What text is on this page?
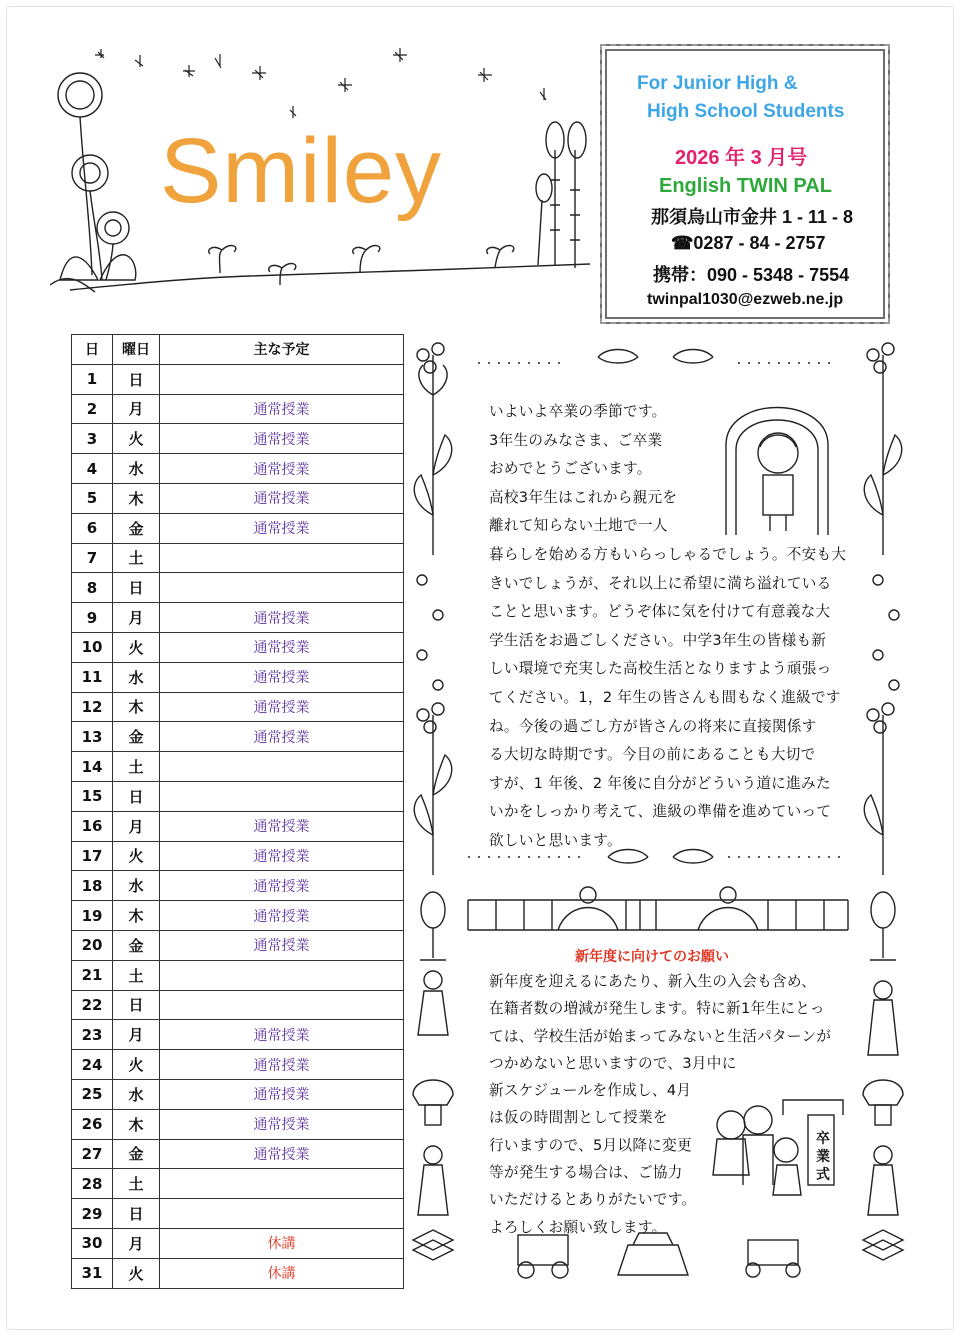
Smiley
For Junior High &
High School Students
2026 年 3 月号
English TWIN PAL
那須烏山市金井 1 - 11 - 8
☎0287 - 84 - 2757
携帯：090 - 5348 - 7554
twinpal1030@ezweb.ne.jp
日	曜日	主な予定
1	日	
2	月	通常授業
3	火	通常授業
4	水	通常授業
5	木	通常授業
6	金	通常授業
7	土	
8	日	
9	月	通常授業
10	火	通常授業
11	水	通常授業
12	木	通常授業
13	金	通常授業
14	土	
15	日	
16	月	通常授業
17	火	通常授業
18	水	通常授業
19	木	通常授業
20	金	通常授業
21	土	
22	日	
23	月	通常授業
24	火	通常授業
25	水	通常授業
26	木	通常授業
27	金	通常授業
28	土	
29	日	
30	月	休講
31	火	休講

いよいよ卒業の季節です。

3年生のみなさま、ご卒業

おめでとうございます。

高校3年生はこれから親元を

離れて知らない土地で一人

暮らしを始める方もいらっしゃるでしょう。不安も大

きいでしょうが、それ以上に希望に満ち溢れている

ことと思います。どうぞ体に気を付けて有意義な大

学生活をお過ごしください。中学3年生の皆様も新

しい環境で充実した高校生活となりますよう頑張っ

てください。1，2 年生の皆さんも間もなく進級です

ね。今後の過ごし方が皆さんの将来に直接関係す

る大切な時期です。今目の前にあることも大切で

すが、1 年後、2 年後に自分がどういう道に進みた

いかをしっかり考えて、進級の準備を進めていって

欲しいと思います。

新年度に向けてのお願い

新年度を迎えるにあたり、新入生の入会も含め、

在籍者数の増減が発生します。特に新1年生にとっ

ては、学校生活が始まってみないと生活パターンが

つかめないと思いますので、3月中に

新スケジュールを作成し、4月

は仮の時間割として授業を

行いますので、5月以降に変更

等が発生する場合は、ご協力

いただけるとありがたいです。

よろしくお願い致します。

卒業式
